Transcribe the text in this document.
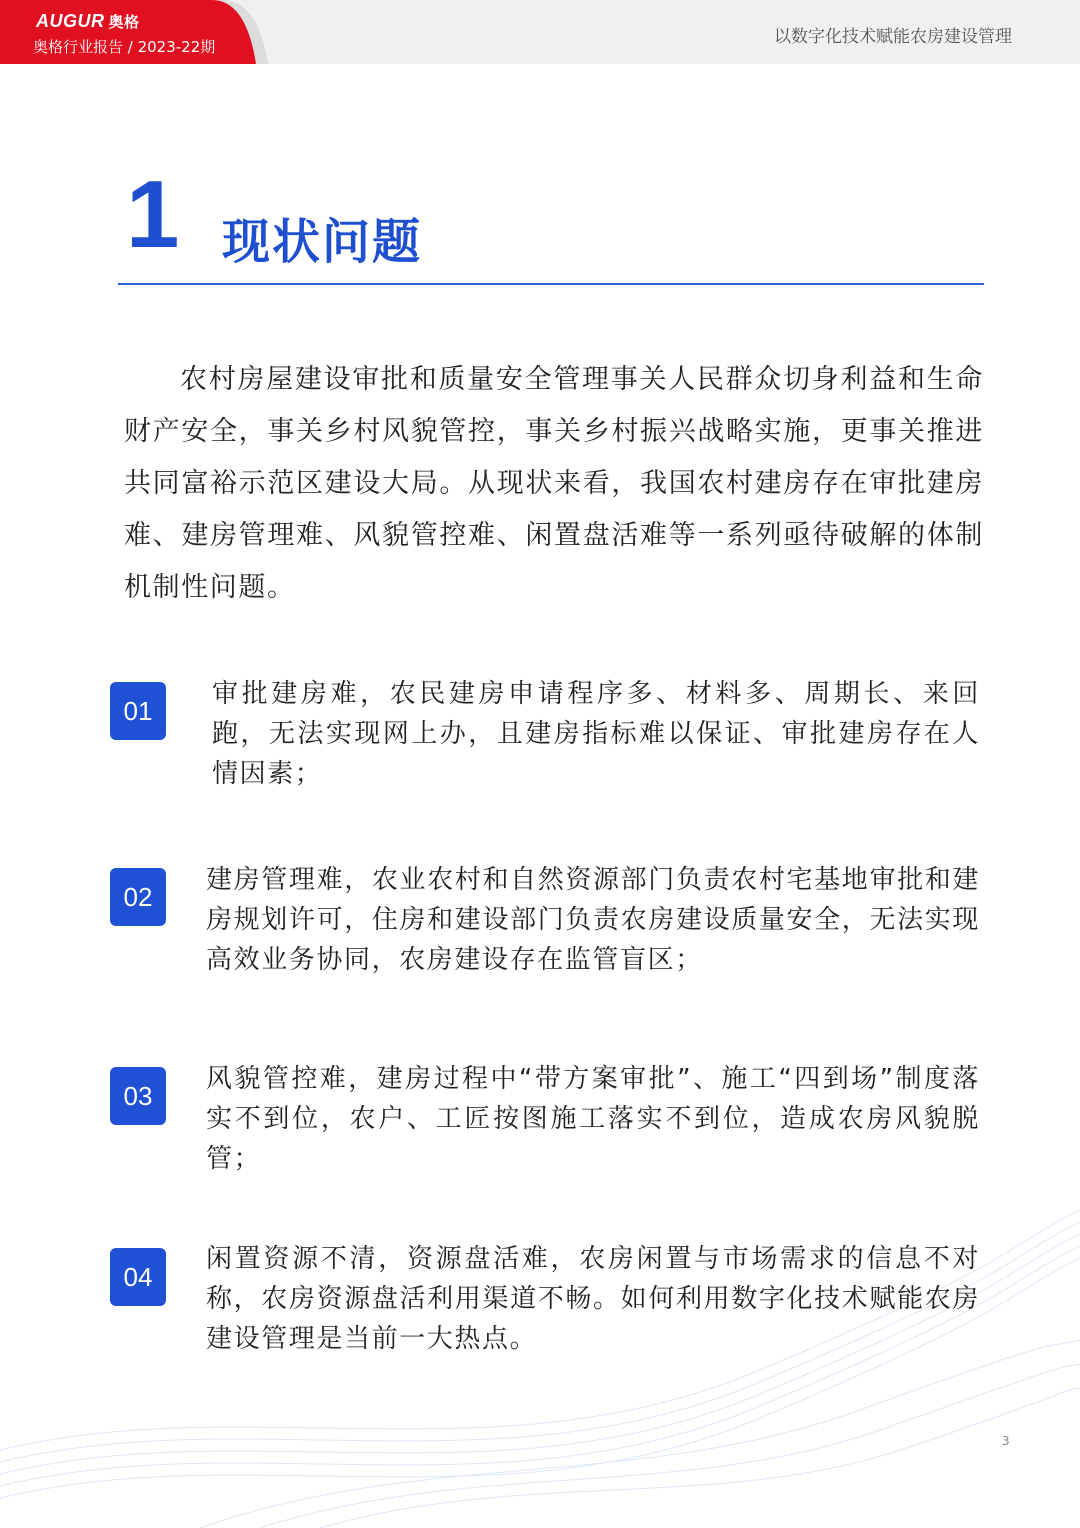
AUGUR 奥格
奥格行业报告 / 2023-22期	以数字化技术赋能农房建设管理
1 现状问题

农村房屋建设审批和质量安全管理事关人民群众切身利益和生命财产安全，事关乡村风貌管控，事关乡村振兴战略实施，更事关推进共同富裕示范区建设大局。从现状来看，我国农村建房存在审批建房难、建房管理难、风貌管控难、闲置盘活难等一系列亟待破解的体制机制性问题。

01

审批建房难，农民建房申请程序多、材料多、周期长、来回跑，无法实现网上办，且建房指标难以保证、审批建房存在人情因素；

02

建房管理难，农业农村和自然资源部门负责农村宅基地审批和建房规划许可，住房和建设部门负责农房建设质量安全，无法实现高效业务协同，农房建设存在监管盲区；

03

风貌管控难，建房过程中“带方案审批”、施工“四到场”制度落实不到位，农户、工匠按图施工落实不到位，造成农房风貌脱管；

04

闲置资源不清，资源盘活难，农房闲置与市场需求的信息不对称，农房资源盘活利用渠道不畅。如何利用数字化技术赋能农房建设管理是当前一大热点。

3
